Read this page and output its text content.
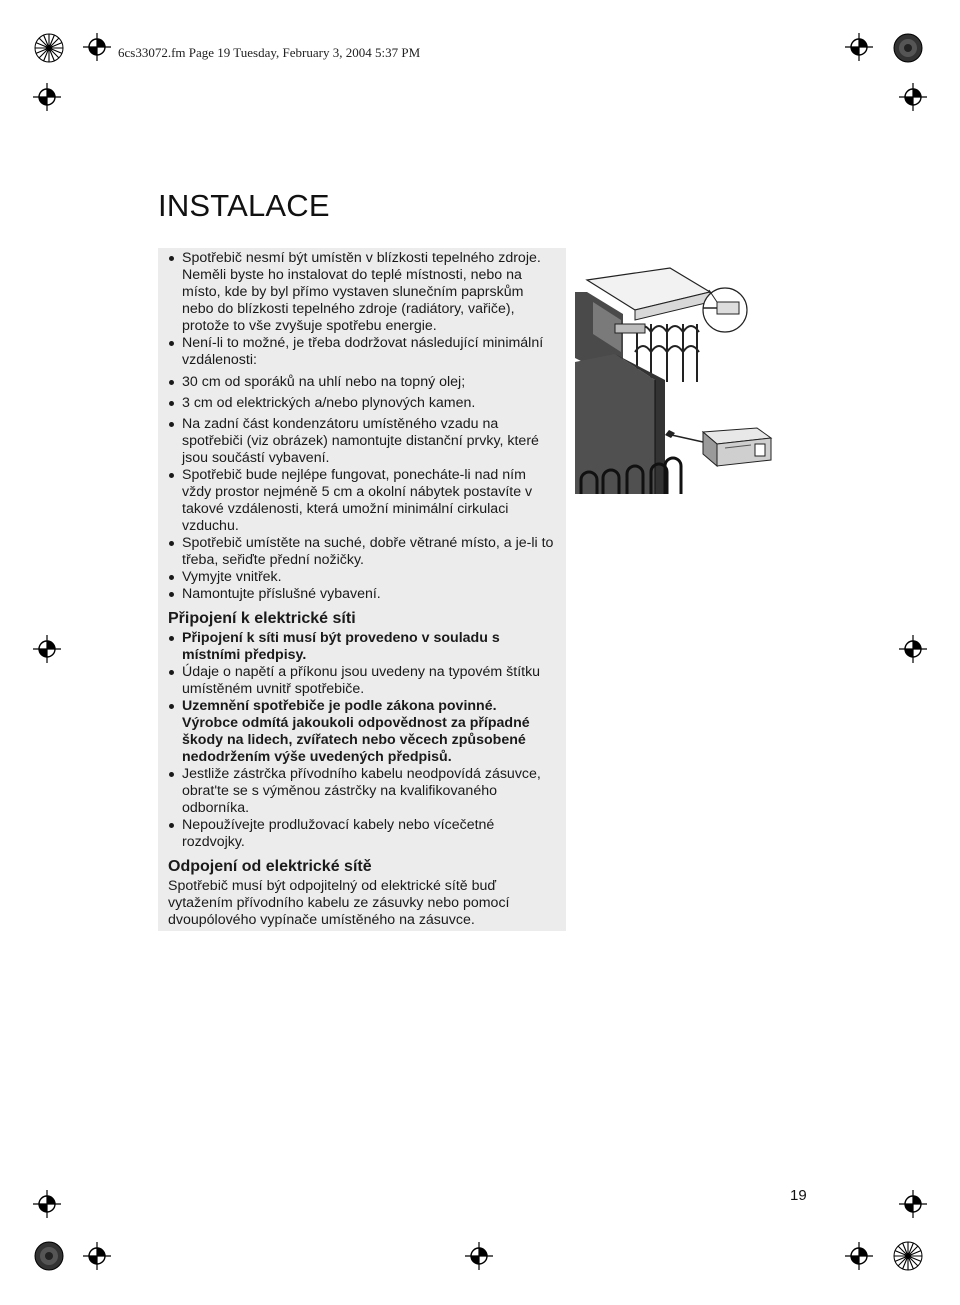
6cs33072.fm Page 19 Tuesday, February 3, 2004 5:37 PM
INSTALACE
Spotřebič nesmí být umístěn v blízkosti tepelného zdroje. Neměli byste ho instalovat do teplé místnosti, nebo na místo, kde by byl přímo vystaven slunečním paprskům nebo do blízkosti tepelného zdroje (radiátory, vařiče), protože to vše zvyšuje spotřebu energie.
Není-li to možné, je třeba dodržovat následující minimální vzdálenosti:
30 cm od sporáků na uhlí nebo na topný olej;
3 cm od elektrických a/nebo plynových kamen.
Na zadní část kondenzátoru umístěného vzadu na spotřebiči (viz obrázek) namontujte distanční prvky, které jsou součástí vybavení.
Spotřebič bude nejlépe fungovat, ponecháte-li nad ním vždy prostor nejméně 5 cm a okolní nábytek postavíte v takové vzdálenosti, která umožní minimální cirkulaci vzduchu.
Spotřebič umístěte na suché, dobře větrané místo, a je-li to třeba, seřiďte přední nožičky.
Vymyjte vnitřek.
Namontujte příslušné vybavení.
Připojení k elektrické síti
Připojení k síti musí být provedeno v souladu s místními předpisy.
Údaje o napětí a příkonu jsou uvedeny na typovém štítku umístěném uvnitř spotřebiče.
Uzemnění spotřebiče je podle zákona povinné. Výrobce odmítá jakoukoli odpovědnost za případné škody na lidech, zvířatech nebo věcech způsobené nedodržením výše uvedených předpisů.
Jestliže zástrčka přívodního kabelu neodpovídá zásuvce, obrat'te se s výměnou zástrčky na kvalifikovaného odborníka.
Nepoužívejte prodlužovací kabely nebo vícečetné rozdvojky.
Odpojení od elektrické sítě

Spotřebič musí být odpojitelný od elektrické sítě buď vytažením přívodního kabelu ze zásuvky nebo pomocí dvoupólového vypínače umístěného na zásuvce.

19
